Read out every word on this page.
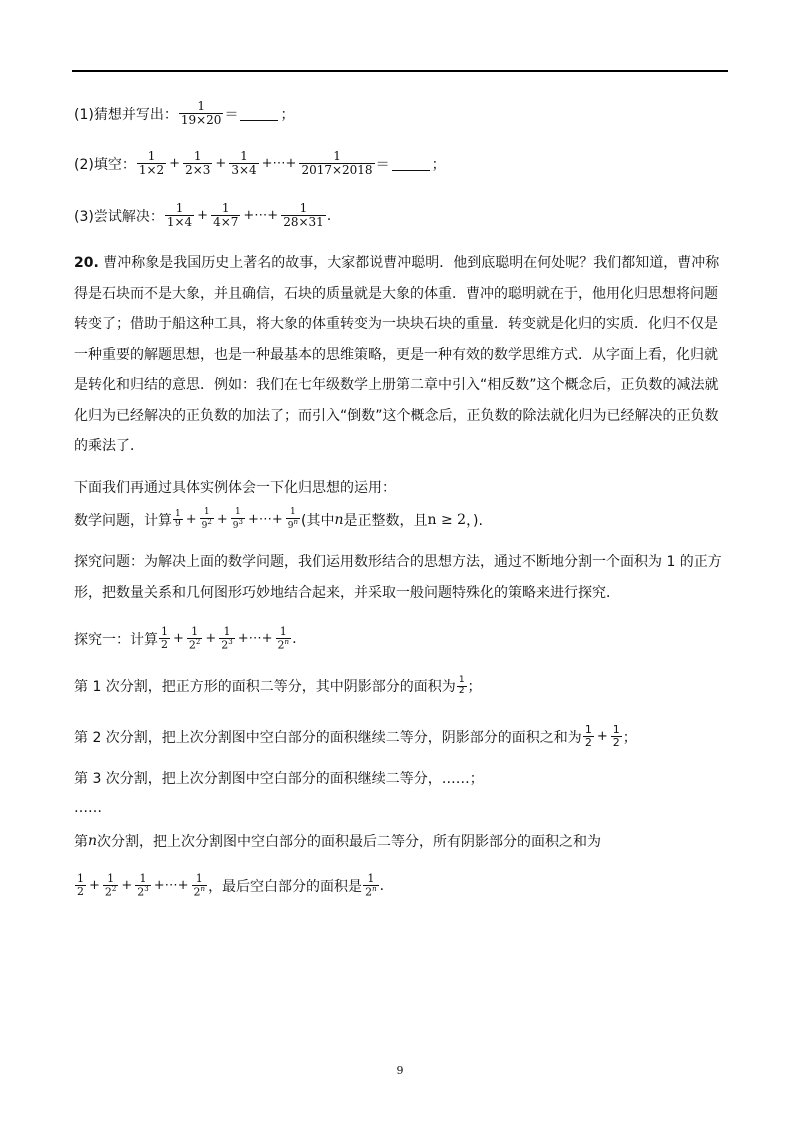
(1)猜想并写出： $\frac{1}{19\times 20}$ ＝	；
(2)填空： $\frac{1}{1\times 2} + \frac{1}{2\times 3} + \frac{1}{3\times 4}$ +⋯+ $\frac{1}{2017\times 2018}$ ＝	；
(3)尝试解决： $\frac{1}{1\times 4} + \frac{1}{4\times 7}$ +⋯+ $\frac{1}{28\times 31}$ .
20. 曹冲称象是我国历史上著名的故事，大家都说曹冲聪明．他到底聪明在何处呢？我们都知道，曹冲称得是石块而不是大象，并且确信，石块的质量就是大象的体重．曹冲的聪明就在于，他用化归思想将问题转变了；借助于船这种工具，将大象的体重转变为一块块石块的重量．转变就是化归的实质．化归不仅是一种重要的解题思想，也是一种最基本的思维策略，更是一种有效的数学思维方式．从字面上看，化归就是转化和归结的意思．例如：我们在七年级数学上册第二章中引入“相反数”这个概念后，正负数的减法就化归为已经解决的正负数的加法了；而引入“倒数”这个概念后，正负数的除法就化归为已经解决的正负数的乘法了．
下面我们再通过具体实例体会一下化归思想的运用：
数学问题，计算 $\frac{1}{9} + \frac{1}{9^2} + \frac{1}{9^3}$ +⋯+ $\frac{1}{9^n}$ (其中 n 是正整数，且 n ≥ 2 ，).
探究问题：为解决上面的数学问题，我们运用数形结合的思想方法，通过不断地分割一个面积为 1 的正方形，把数量关系和几何图形巧妙地结合起来，并采取一般问题特殊化的策略来进行探究．
探究一：计算 $\frac{1}{2} + \frac{1}{2^2} + \frac{1}{2^3}$ +⋯+ $\frac{1}{2^n}$ .
第 1 次分割，把正方形的面积二等分，其中阴影部分的面积为 $\frac{1}{2}$ ；
第 2 次分割，把上次分割图中空白部分的面积继续二等分，阴影部分的面积之和为 $\frac{1}{2} + \frac{1}{2}$ ；
第 3 次分割，把上次分割图中空白部分的面积继续二等分，……；
……
第 n 次分割，把上次分割图中空白部分的面积最后二等分，所有阴影部分的面积之和为
$\frac{1}{2} + \frac{1}{2^2} + \frac{1}{2^3}$ +⋯+ $\frac{1}{2^n}$ ，最后空白部分的面积是 $\frac{1}{2^n}$ .
9
